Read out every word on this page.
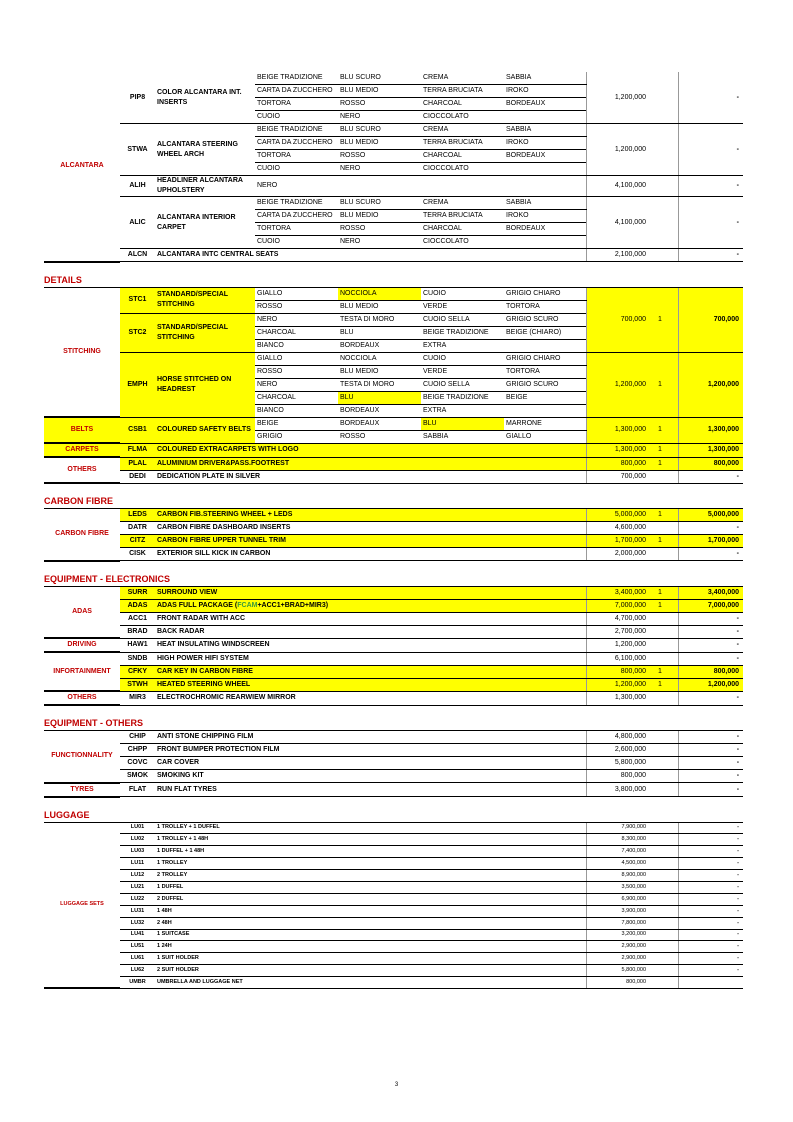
ALCANTARA	PIP8	COLOR ALCANTARA INT. INSERTS	BEIGE TRADIZIONE	BLU SCURO	CREMA	SABBIA	1,200,000		-
			CARTA DA ZUCCHERO	BLU MEDIO	TERRA BRUCIATA	IROKO			
			TORTORA	ROSSO	CHARCOAL	BORDEAUX			
			CUOIO	NERO	CIOCCOLATO				
	STWA	ALCANTARA STEERING WHEEL ARCH	BEIGE TRADIZIONE	BLU SCURO	CREMA	SABBIA	1,200,000		-
			CARTA DA ZUCCHERO	BLU MEDIO	TERRA BRUCIATA	IROKO			
			TORTORA	ROSSO	CHARCOAL	BORDEAUX			
			CUOIO	NERO	CIOCCOLATO				
	ALIH	HEADLINER ALCANTARA UPHOLSTERY	NERO				4,100,000		-
	ALIC	ALCANTARA INTERIOR CARPET	BEIGE TRADIZIONE	BLU SCURO	CREMA	SABBIA	4,100,000		-
			CARTA DA ZUCCHERO	BLU MEDIO	TERRA BRUCIATA	IROKO			
			TORTORA	ROSSO	CHARCOAL	BORDEAUX			
			CUOIO	NERO	CIOCCOLATO				
	ALCN	ALCANTARA INTC CENTRAL SEATS					2,100,000		-
DETAILS
STITCHING	STC1	STANDARD/SPECIAL STITCHING	GIALLO	NOCCIOLA	CUOIO	GRIGIO CHIARO	700,000	1	700,000
			ROSSO	BLU MEDIO	VERDE	TORTORA			
	STC2	STANDARD/SPECIAL STITCHING	NERO	TESTA DI MORO	CUOIO SELLA	GRIGIO SCURO			
			CHARCOAL	BLU	BEIGE TRADIZIONE	BEIGE (CHIARO)			
			BIANCO	BORDEAUX	EXTRA				
	EMPH	HORSE STITCHED ON HEADREST	GIALLO	NOCCIOLA	CUOIO	GRIGIO CHIARO	1,200,000	1	1,200,000
			ROSSO	BLU MEDIO	VERDE	TORTORA			
			NERO	TESTA DI MORO	CUOIO SELLA	GRIGIO SCURO			
			CHARCOAL	BLU	BEIGE TRADIZIONE	BEIGE			
			BIANCO	BORDEAUX	EXTRA				
BELTS	CSB1	COLOURED SAFETY BELTS	BEIGE	BORDEAUX	BLU	MARRONE	1,300,000	1	1,300,000
			GRIGIO	ROSSO	SABBIA	GIALLO			
CARPETS	FLMA	COLOURED EXTRACARPETS WITH LOGO					1,300,000	1	1,300,000
OTHERS	PLAL	ALUMINIUM DRIVER&PASS.FOOTREST					800,000	1	800,000
	DEDI	DEDICATION PLATE IN SILVER					700,000		-
CARBON FIBRE
CARBON FIBRE	LEDS	CARBON FIB.STEERING WHEEL + LEDS	5,000,000	1	5,000,000
	DATR	CARBON FIBRE DASHBOARD INSERTS	4,600,000		-
	CITZ	CARBON FIBRE UPPER TUNNEL TRIM	1,700,000	1	1,700,000
	CISK	EXTERIOR SILL KICK IN CARBON	2,000,000		-
EQUIPMENT - ELECTRONICS
ADAS	SURR	SURROUND VIEW	3,400,000	1	3,400,000
	ADAS	ADAS FULL PACKAGE (FCAM+ACC1+BRAD+MIR3)	7,000,000	1	7,000,000
	ACC1	FRONT RADAR WITH ACC	4,700,000		-
	BRAD	BACK RADAR	2,700,000		-
DRIVING	HAW1	HEAT INSULATING WINDSCREEN	1,200,000		-
INFORTAINMENT	SNDB	HIGH POWER HIFI SYSTEM	6,100,000		-
	CFKY	CAR KEY IN CARBON FIBRE	800,000	1	800,000
	STWH	HEATED STEERING WHEEL	1,200,000	1	1,200,000
OTHERS	MIR3	ELECTROCHROMIC REARWIEW MIRROR	1,300,000		-
EQUIPMENT - OTHERS
FUNCTIONNALITY	CHIP	ANTI STONE CHIPPING FILM	4,800,000		-
	CHPP	FRONT BUMPER PROTECTION FILM	2,600,000		-
	COVC	CAR COVER	5,800,000		-
	SMOK	SMOKING KIT	800,000		-
TYRES	FLAT	RUN FLAT TYRES	3,800,000		-
LUGGAGE
LUGGAGE SETS	LU01	1 TROLLEY + 1 DUFFEL	7,900,000		-
	LU02	1 TROLLEY + 1 48H	8,300,000		-
	LU03	1 DUFFEL + 1 48H	7,400,000		-
	LU11	1 TROLLEY	4,500,000		-
	LU12	2 TROLLEY	8,900,000		-
	LU21	1 DUFFEL	3,500,000		-
	LU22	2 DUFFEL	6,900,000		-
	LU31	1 48H	3,900,000		-
	LU32	2 48H	7,800,000		-
	LU41	1 SUITCASE	3,200,000		-
	LU51	1 24H	2,900,000		-
	LU61	1 SUIT HOLDER	2,900,000		-
	LU62	2 SUIT HOLDER	5,800,000		-
	UMBR	UMBRELLA AND LUGGAGE NET	800,000		
3
